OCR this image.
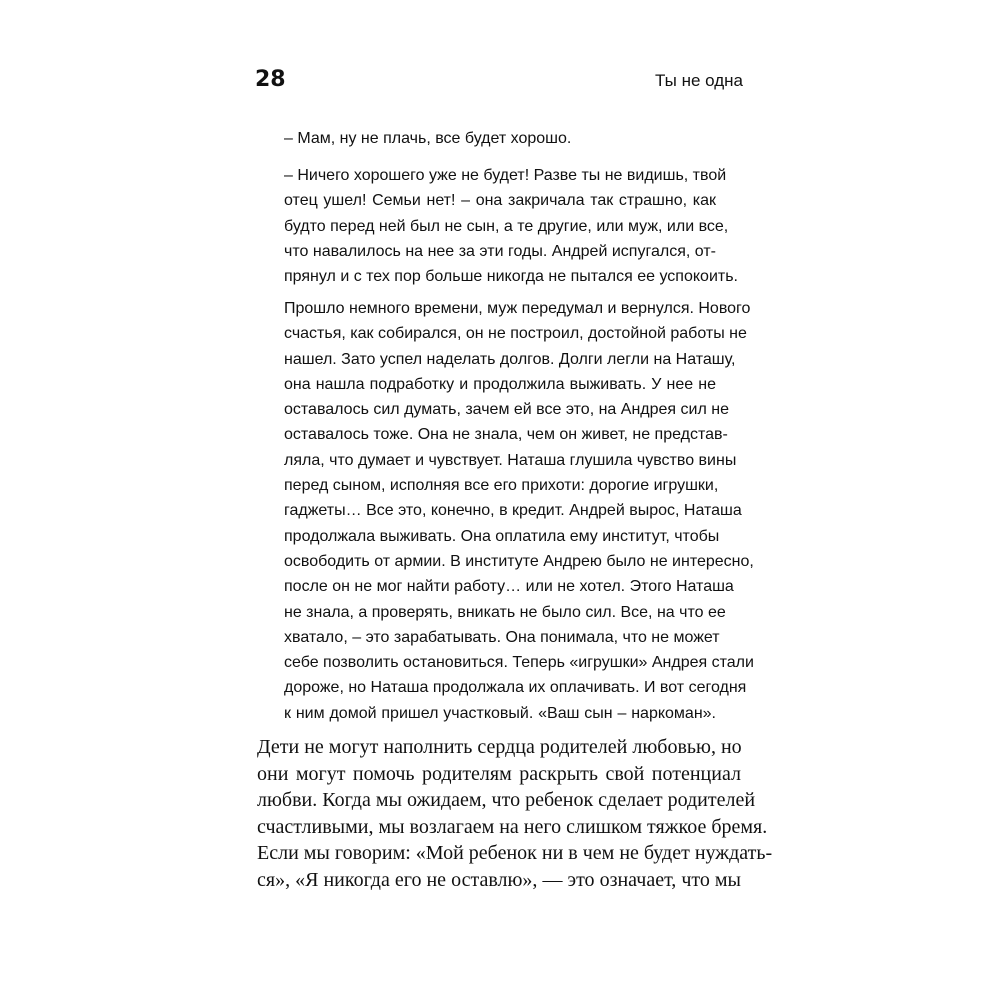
28	Ты не одна
– Мам, ну не плачь, все будет хорошо.
– Ничего хорошего уже не будет! Разве ты не видишь, твой
отец ушел! Семьи нет! – она закричала так страшно, как
будто перед ней был не сын, а те другие, или муж, или все,
что навалилось на нее за эти годы. Андрей испугался, от-
прянул и с тех пор больше никогда не пытался ее успокоить.
Прошло немного времени, муж передумал и вернулся. Нового
счастья, как собирался, он не построил, достойной работы не
нашел. Зато успел наделать долгов. Долги легли на Наташу,
она нашла подработку и продолжила выживать. У нее не
оставалось сил думать, зачем ей все это, на Андрея сил не
оставалось тоже. Она не знала, чем он живет, не представ-
ляла, что думает и чувствует. Наташа глушила чувство вины
перед сыном, исполняя все его прихоти: дорогие игрушки,
гаджеты… Все это, конечно, в кредит. Андрей вырос, Наташа
продолжала выживать. Она оплатила ему институт, чтобы
освободить от армии. В институте Андрею было не интересно,
после он не мог найти работу… или не хотел. Этого Наташа
не знала, а проверять, вникать не было сил. Все, на что ее
хватало, – это зарабатывать. Она понимала, что не может
себе позволить остановиться. Теперь «игрушки» Андрея стали
дороже, но Наташа продолжала их оплачивать. И вот сегодня
к ним домой пришел участковый. «Ваш сын – наркоман».
Дети не могут наполнить сердца родителей любовью, но
они могут помочь родителям раскрыть свой потенциал
любви. Когда мы ожидаем, что ребенок сделает родителей
счастливыми, мы возлагаем на него слишком тяжкое бремя.
Если мы говорим: «Мой ребенок ни в чем не будет нуждать-
ся», «Я никогда его не оставлю», — это означает, что мы
